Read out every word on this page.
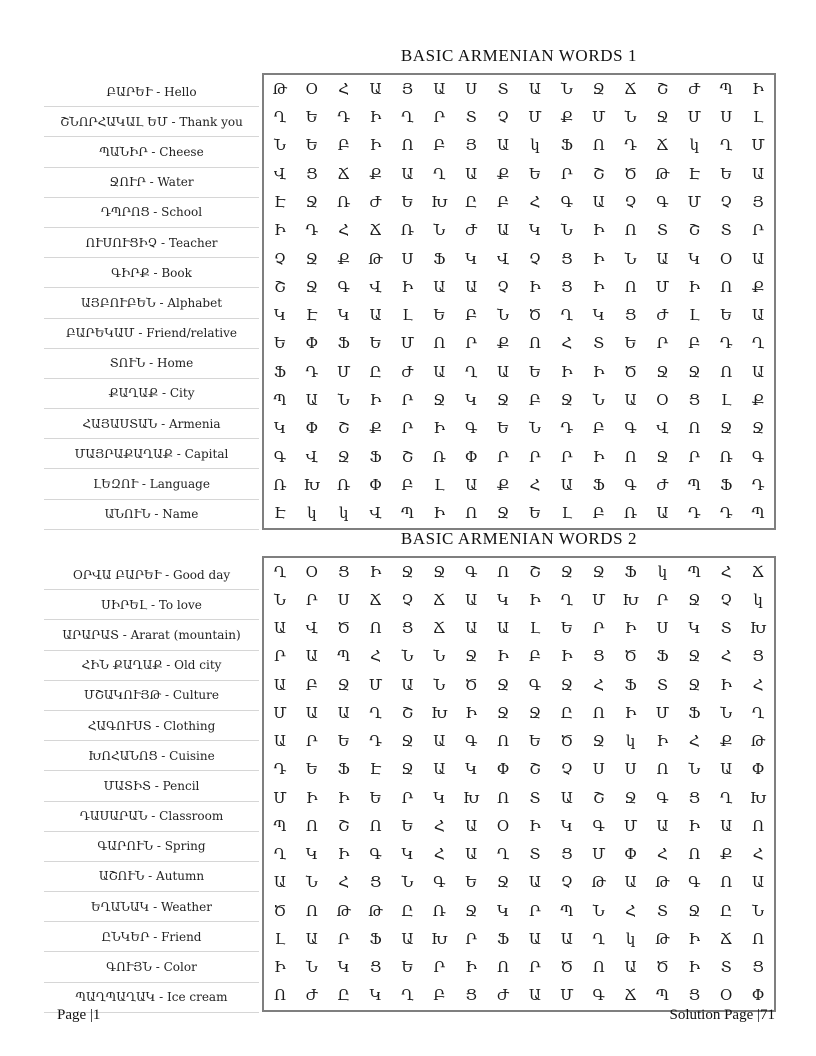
BASIC ARMENIAN WORDS 1
ԲԱՐԵՒ - Hello
ՇՆՈՐՀԱԿԱԼ ԵՄ - Thank you
ՊԱՆԻՐ - Cheese
ՋՈՒՐ - Water
ԴՊՐՈՑ - School
ՈՒՍՈՒՑԻՉ - Teacher
ԳԻՐՔ - Book
ԱՅԲՈՒԲԵՆ - Alphabet
ԲԱՐԵԿԱՄ - Friend/relative
ՏՈՒՆ - Home
ՔԱՂԱՔ - City
ՀԱՅԱՍՏԱՆ - Armenia
ՄԱՅՐԱՔԱՂԱՔ - Capital
ԼԵԶՈՒ - Language
ԱՆՈՒՆ - Name
Թ	Օ	Հ	Ա	Յ	Ա	Ս	Տ	Ա	Ն	Ջ	Ճ	Շ	Ժ	Պ	Ի
Ղ	Ե	Դ	Ի	Ղ	Ր	Տ	Չ	Մ	Ք	Մ	Ն	Ջ	Մ	Ս	Լ
Ն	Ե	Բ	Ի	Ո	Բ	Յ	Ա	կ	Ֆ	Ո	Դ	Ճ	կ	Ղ	Մ
Վ	Ց	Ճ	Ք	Ա	Ղ	Ա	Ք	Ե	Ր	Շ	Ծ	Թ	Է	Ե	Ա
Է	Ջ	Ռ	Ժ	Ե	Խ	Ը	Բ	Հ	Գ	Ա	Չ	Գ	Մ	Չ	Յ
Ի	Դ	Հ	Ճ	Ռ	Ն	Ժ	Ա	Կ	Ն	Ի	Ո	Տ	Շ	Տ	Ր
Չ	Ջ	Ք	Թ	Ս	Ֆ	Կ	Վ	Չ	Ց	Ի	Ն	Ա	Կ	Օ	Ա
Շ	Ջ	Գ	Վ	Ի	Ա	Ա	Չ	Ի	Ց	Ի	Ո	Մ	Ի	Ո	Ք
Կ	Է	Կ	Ա	Լ	Ե	Բ	Ն	Ծ	Ղ	Կ	Ց	Ժ	Լ	Ե	Ա
Ե	Փ	Ֆ	Ե	Մ	Ո	Ր	Ք	Ո	Հ	Տ	Ե	Ր	Բ	Դ	Ղ
Ֆ	Դ	Մ	Ը	Ժ	Ա	Ղ	Ա	Ե	Ի	Ի	Ծ	Ջ	Ջ	Ո	Ա
Պ	Ա	Ն	Ի	Ր	Ջ	Կ	Ջ	Բ	Ջ	Ն	Ա	Օ	Ց	Լ	Ք
Կ	Փ	Շ	Ք	Ր	Ի	Գ	Ե	Ն	Դ	Բ	Գ	Վ	Ո	Ջ	Ջ
Գ	Վ	Ջ	Ֆ	Շ	Ռ	Փ	Ր	Ր	Ր	Ի	Ո	Ջ	Ր	Ռ	Գ
Ռ	Խ	Ռ	Փ	Բ	Լ	Ա	Ք	Հ	Ա	Ֆ	Գ	Ժ	Պ	Ֆ	Դ
Է	կ	կ	Վ	Պ	Ի	Ո	Ջ	Ե	Լ	Բ	Ռ	Ա	Դ	Դ	Պ
BASIC ARMENIAN WORDS 2
ՕՐՎԱ ԲԱՐԵՒ - Good day
ՍԻՐԵԼ - To love
ԱՐԱՐԱՏ - Ararat (mountain)
ՀԻՆ ՔԱՂԱՔ - Old city
ՄՇԱԿՈՒՅԹ - Culture
ՀԱԳՈՒՍՏ - Clothing
ԽՈՀԱՆՈՑ - Cuisine
ՄԱՏԻՏ - Pencil
ԴԱՍԱՐԱՆ - Classroom
ԳԱՐՈՒՆ - Spring
ԱՇՈՒՆ - Autumn
ԵՂԱՆԱԿ - Weather
ԸՆԿԵՐ - Friend
ԳՈՒՅՆ - Color
ՊԱՂՊԱՂԱԿ - Ice cream
Ղ	Օ	Ց	Ի	Ջ	Ջ	Գ	Ո	Շ	Ջ	Ջ	Ֆ	կ	Պ	Հ	Ճ
Ն	Ր	Ս	Ճ	Չ	Ճ	Ա	Կ	Ի	Ղ	Մ	Խ	Ր	Ջ	Չ	կ
Ա	Վ	Ծ	Ո	Ց	Ճ	Ա	Ա	Լ	Ե	Ր	Ի	Ս	Կ	Տ	Խ
Ր	Ա	Պ	Հ	Ն	Ն	Ջ	Ի	Բ	Ի	Ց	Ծ	Ֆ	Ջ	Հ	Ց
Ա	Բ	Ջ	Մ	Ա	Ն	Ծ	Ջ	Գ	Ջ	Հ	Ֆ	Տ	Ջ	Ի	Հ
Մ	Ա	Ա	Ղ	Շ	Խ	Ի	Ջ	Ջ	Ը	Ո	Ի	Մ	Ֆ	Ն	Ղ
Ա	Ր	Ե	Դ	Ջ	Ա	Գ	Ո	Ե	Ծ	Ջ	կ	Ի	Հ	Ք	Թ
Դ	Ե	Ֆ	Է	Ջ	Ա	Կ	Փ	Շ	Չ	Ս	Ս	Ո	Ն	Ա	Փ
Մ	Ի	Ի	Ե	Ր	Կ	Խ	Ո	Տ	Ա	Շ	Ջ	Գ	Ց	Ղ	Խ
Պ	Ո	Շ	Ո	Ե	Հ	Ա	Օ	Ի	Կ	Գ	Մ	Ա	Ի	Ա	Ո
Ղ	Կ	Ի	Գ	Կ	Հ	Ա	Ղ	Տ	Ց	Մ	Փ	Հ	Ո	Ք	Հ
Ա	Ն	Հ	Ց	Ն	Գ	Ե	Ջ	Ա	Չ	Թ	Ա	Թ	Գ	Ո	Ա
Ծ	Ո	Թ	Թ	Ը	Ռ	Ջ	Կ	Ր	Պ	Ն	Հ	Տ	Ջ	Ը	Ն
Լ	Ա	Ր	Ֆ	Ա	Խ	Ր	Ֆ	Ա	Ա	Ղ	կ	Թ	Ի	Ճ	Ո
Ի	Ն	Կ	Ց	Ե	Ր	Ի	Ո	Ր	Ծ	Ո	Ա	Ծ	Ի	Տ	Ց
Ո	Ժ	Ը	Կ	Ղ	Բ	Ց	Ժ	Ա	Մ	Գ	Ճ	Պ	Ց	Օ	Փ
Page |1	Solution Page |71
